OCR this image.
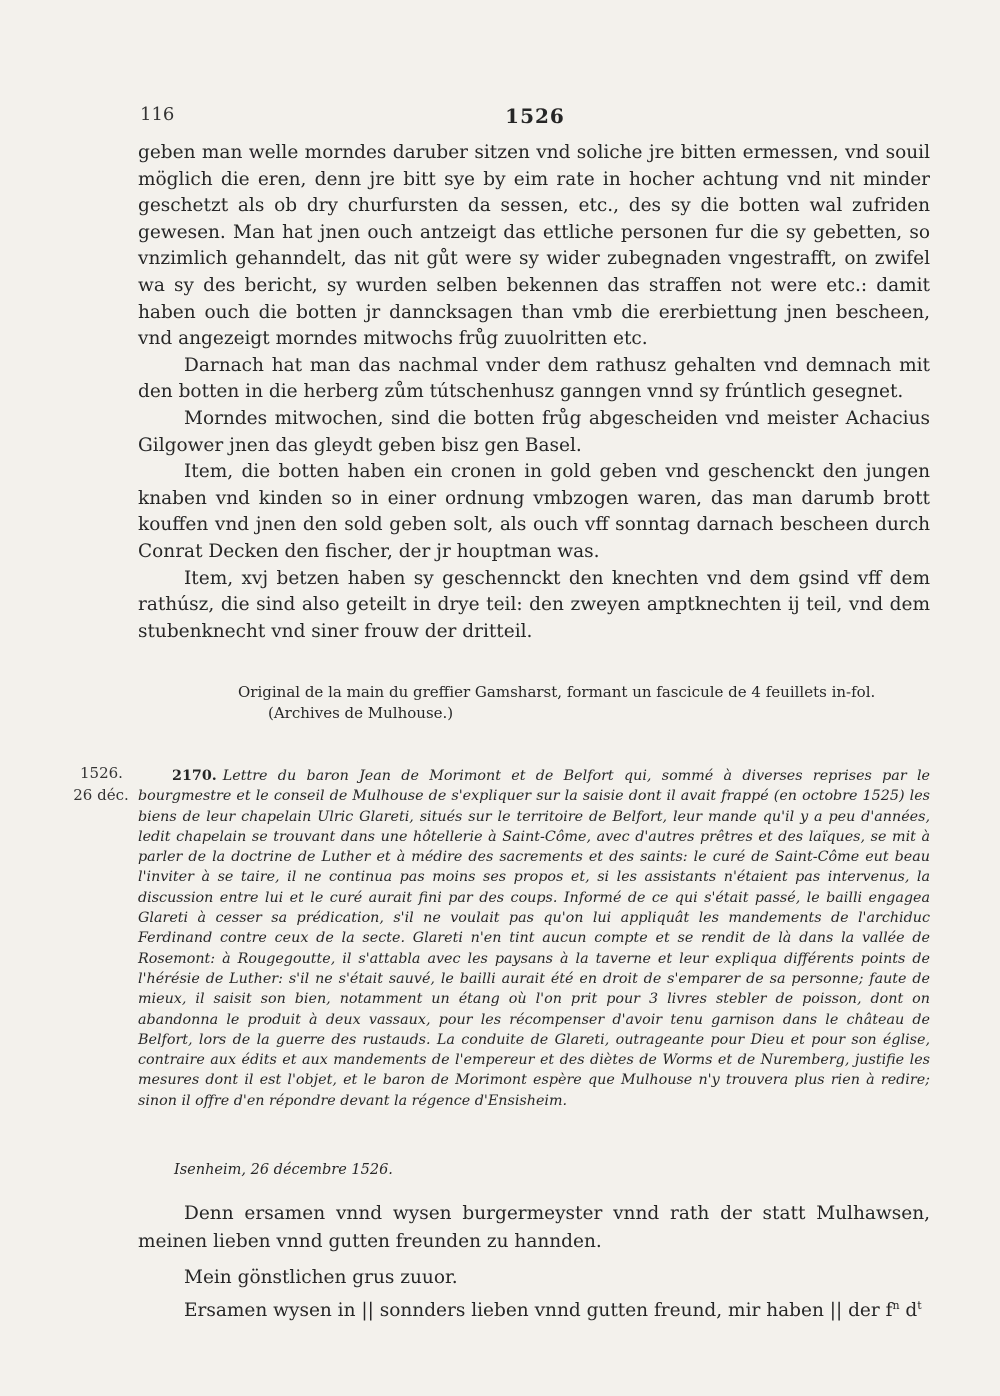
116	1526

geben man welle morndes daruber sitzen vnd soliche jre bitten ermessen, vnd souil möglich die eren, denn jre bitt sye by eim rate in hocher achtung vnd nit minder geschetzt als ob dry churfursten da sessen, etc., des sy die botten wal zufriden gewesen. Man hat jnen ouch antzeigt das ettliche personen fur die sy gebetten, so vnzimlich gehanndelt, das nit gůt were sy wider zubegnaden vngestrafft, on zwifel wa sy des bericht, sy wurden selben bekennen das straffen not were etc.: damit haben ouch die botten jr danncksagen than vmb die ererbiettung jnen bescheen, vnd angezeigt morndes mitwochs frůg zuuolritten etc.

Darnach hat man das nachmal vnder dem rathusz gehalten vnd demnach mit den botten in die herberg zům tútschenhusz ganngen vnnd sy frúntlich gesegnet.

Morndes mitwochen, sind die botten frůg abgescheiden vnd meister Achacius Gilgower jnen das gleydt geben bisz gen Basel.

Item, die botten haben ein cronen in gold geben vnd geschenckt den jungen knaben vnd kinden so in einer ordnung vmbzogen waren, das man darumb brott kouffen vnd jnen den sold geben solt, als ouch vff sonntag darnach bescheen durch Conrat Decken den fischer, der jr houptman was.

Item, xvj betzen haben sy geschennckt den knechten vnd dem gsind vff dem rathúsz, die sind also geteilt in drye teil: den zweyen amptknechten ij teil, vnd dem stubenknecht vnd siner frouw der dritteil.

Original de la main du greffier Gamsharst, formant un fascicule de 4 feuillets in-fol.

(Archives de Mulhouse.)

1526.
26 déc.

2170. Lettre du baron Jean de Morimont et de Belfort qui, sommé à diverses reprises par le bourgmestre et le conseil de Mulhouse de s'expliquer sur la saisie dont il avait frappé (en octobre 1525) les biens de leur chapelain Ulric Glareti, situés sur le territoire de Belfort, leur mande qu'il y a peu d'années, ledit chapelain se trouvant dans une hôtellerie à Saint-Côme, avec d'autres prêtres et des laïques, se mit à parler de la doctrine de Luther et à médire des sacrements et des saints: le curé de Saint-Côme eut beau l'inviter à se taire, il ne continua pas moins ses propos et, si les assistants n'étaient pas intervenus, la discussion entre lui et le curé aurait fini par des coups. Informé de ce qui s'était passé, le bailli engagea Glareti à cesser sa prédication, s'il ne voulait pas qu'on lui appliquât les mandements de l'archiduc Ferdinand contre ceux de la secte. Glareti n'en tint aucun compte et se rendit de là dans la vallée de Rosemont: à Rougegoutte, il s'attabla avec les paysans à la taverne et leur expliqua différents points de l'hérésie de Luther: s'il ne s'était sauvé, le bailli aurait été en droit de s'emparer de sa personne; faute de mieux, il saisit son bien, notamment un étang où l'on prit pour 3 livres stebler de poisson, dont on abandonna le produit à deux vassaux, pour les récompenser d'avoir tenu garnison dans le château de Belfort, lors de la guerre des rustauds. La conduite de Glareti, outrageante pour Dieu et pour son église, contraire aux édits et aux mandements de l'empereur et des diètes de Worms et de Nuremberg, justifie les mesures dont il est l'objet, et le baron de Morimont espère que Mulhouse n'y trouvera plus rien à redire; sinon il offre d'en répondre devant la régence d'Ensisheim.

Isenheim, 26 décembre 1526.

Denn ersamen vnnd wysen burgermeyster vnnd rath der statt Mulhawsen, meinen lieben vnnd gutten freunden zu hannden.

Mein gönstlichen grus zuuor.

Ersamen wysen in || sonnders lieben vnnd gutten freund, mir haben || der $f^n$ $d^t$
